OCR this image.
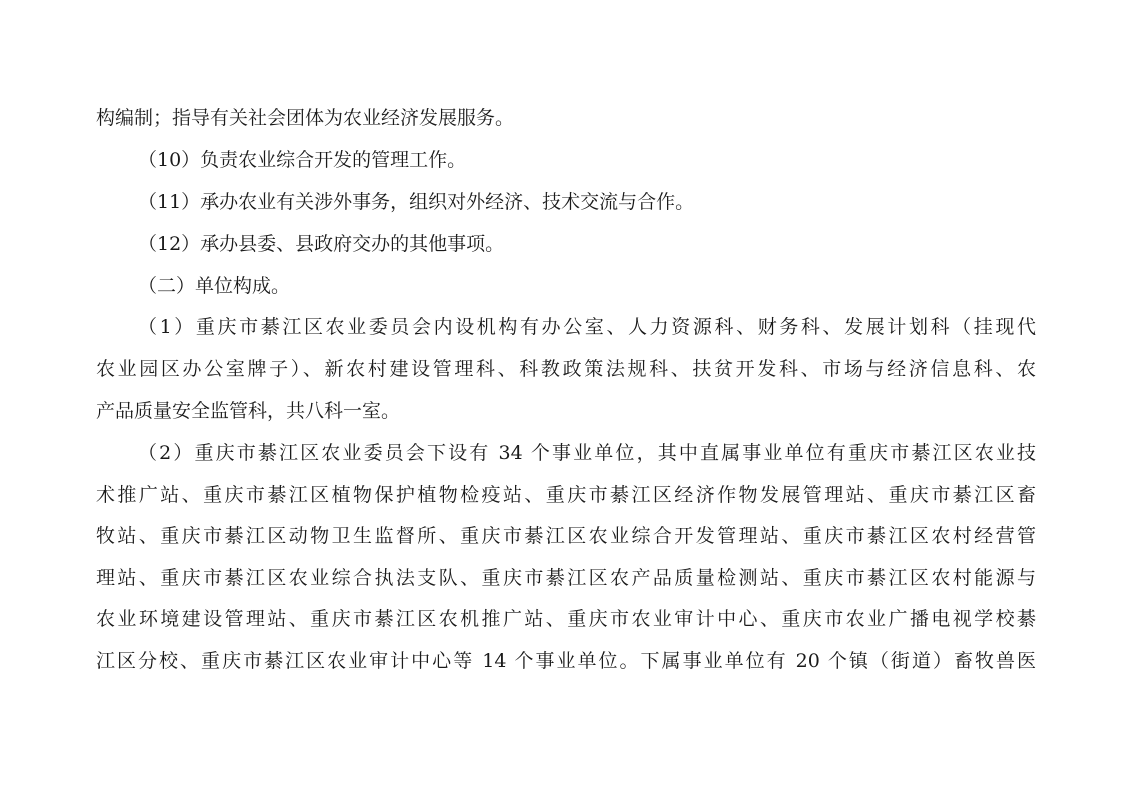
构编制；指导有关社会团体为农业经济发展服务。
（10）负责农业综合开发的管理工作。
（11）承办农业有关涉外事务，组织对外经济、技术交流与合作。
（12）承办县委、县政府交办的其他事项。
（二）单位构成。
（1）重庆市綦江区农业委员会内设机构有办公室、人力资源科、财务科、发展计划科（挂现代
农业园区办公室牌子）、新农村建设管理科、科教政策法规科、扶贫开发科、市场与经济信息科、农
产品质量安全监管科，共八科一室。
（2）重庆市綦江区农业委员会下设有 34 个事业单位，其中直属事业单位有重庆市綦江区农业技
术推广站、重庆市綦江区植物保护植物检疫站、重庆市綦江区经济作物发展管理站、重庆市綦江区畜
牧站、重庆市綦江区动物卫生监督所、重庆市綦江区农业综合开发管理站、重庆市綦江区农村经营管
理站、重庆市綦江区农业综合执法支队、重庆市綦江区农产品质量检测站、重庆市綦江区农村能源与
农业环境建设管理站、重庆市綦江区农机推广站、重庆市农业审计中心、重庆市农业广播电视学校綦
江区分校、重庆市綦江区农业审计中心等 14 个事业单位。下属事业单位有 20 个镇（街道）畜牧兽医
